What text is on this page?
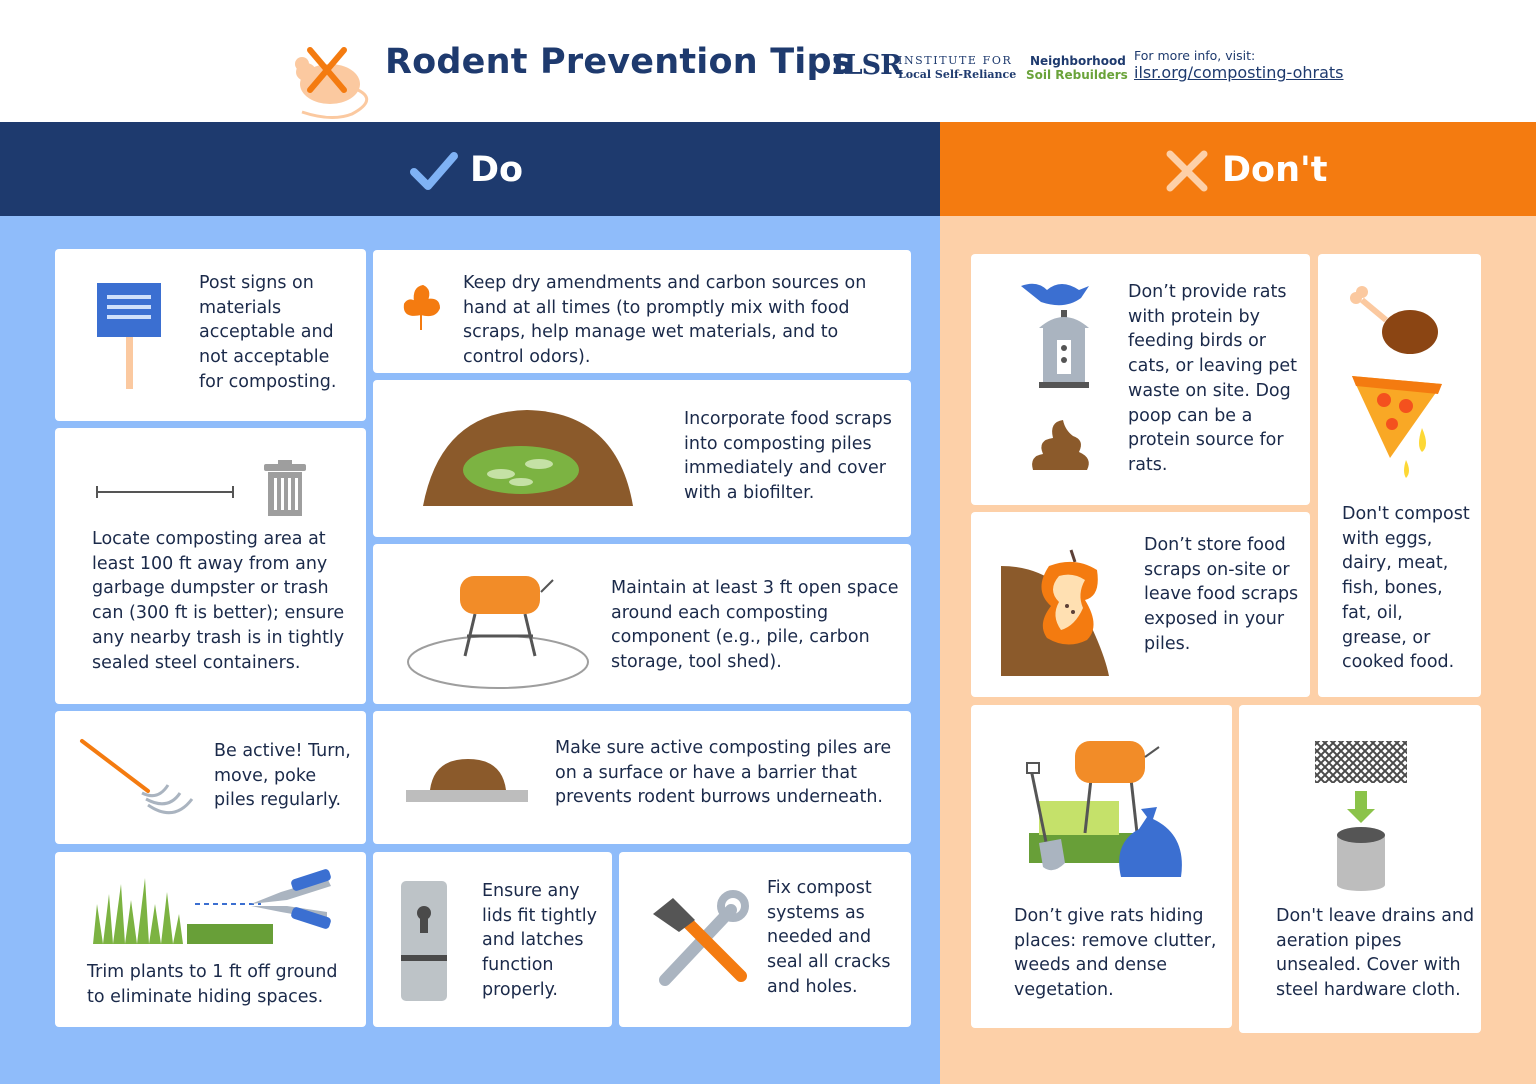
Rodent Prevention Tips
ILSR
INSTITUTE FOR
Local Self-Reliance
Neighborhood
Soil Rebuilders
For more info, visit:
ilsr.org/composting-ohrats
Do	Don't
Post signs on materials acceptable and not acceptable for composting.
Keep dry amendments and carbon sources on hand at all times (to promptly mix with food scraps, help manage wet materials, and to control odors).
Incorporate food scraps into composting piles immediately and cover with a biofilter.
Locate composting area at least 100 ft away from any garbage dumpster or trash can (300 ft is better); ensure any nearby trash is in tightly sealed steel containers.
Maintain at least 3 ft open space around each composting component (e.g., pile, carbon storage, tool shed).
Be active! Turn, move, poke piles regularly.
Make sure active composting piles are on a surface or have a barrier that prevents rodent burrows underneath.
Trim plants to 1 ft off ground to eliminate hiding spaces.
Ensure any lids fit tightly and latches function properly.
Fix compost systems as needed and seal all cracks and holes.
Don’t provide rats with protein by feeding birds or cats, or leaving pet waste on site. Dog poop can be a protein source for rats.
Don't compost with eggs, dairy, meat, fish, bones, fat, oil, grease, or cooked food.
Don’t store food scraps on-site or leave food scraps exposed in your piles.
Don’t give rats hiding places: remove clutter, weeds and dense vegetation.
Don't leave drains and aeration pipes unsealed. Cover with steel hardware cloth.
